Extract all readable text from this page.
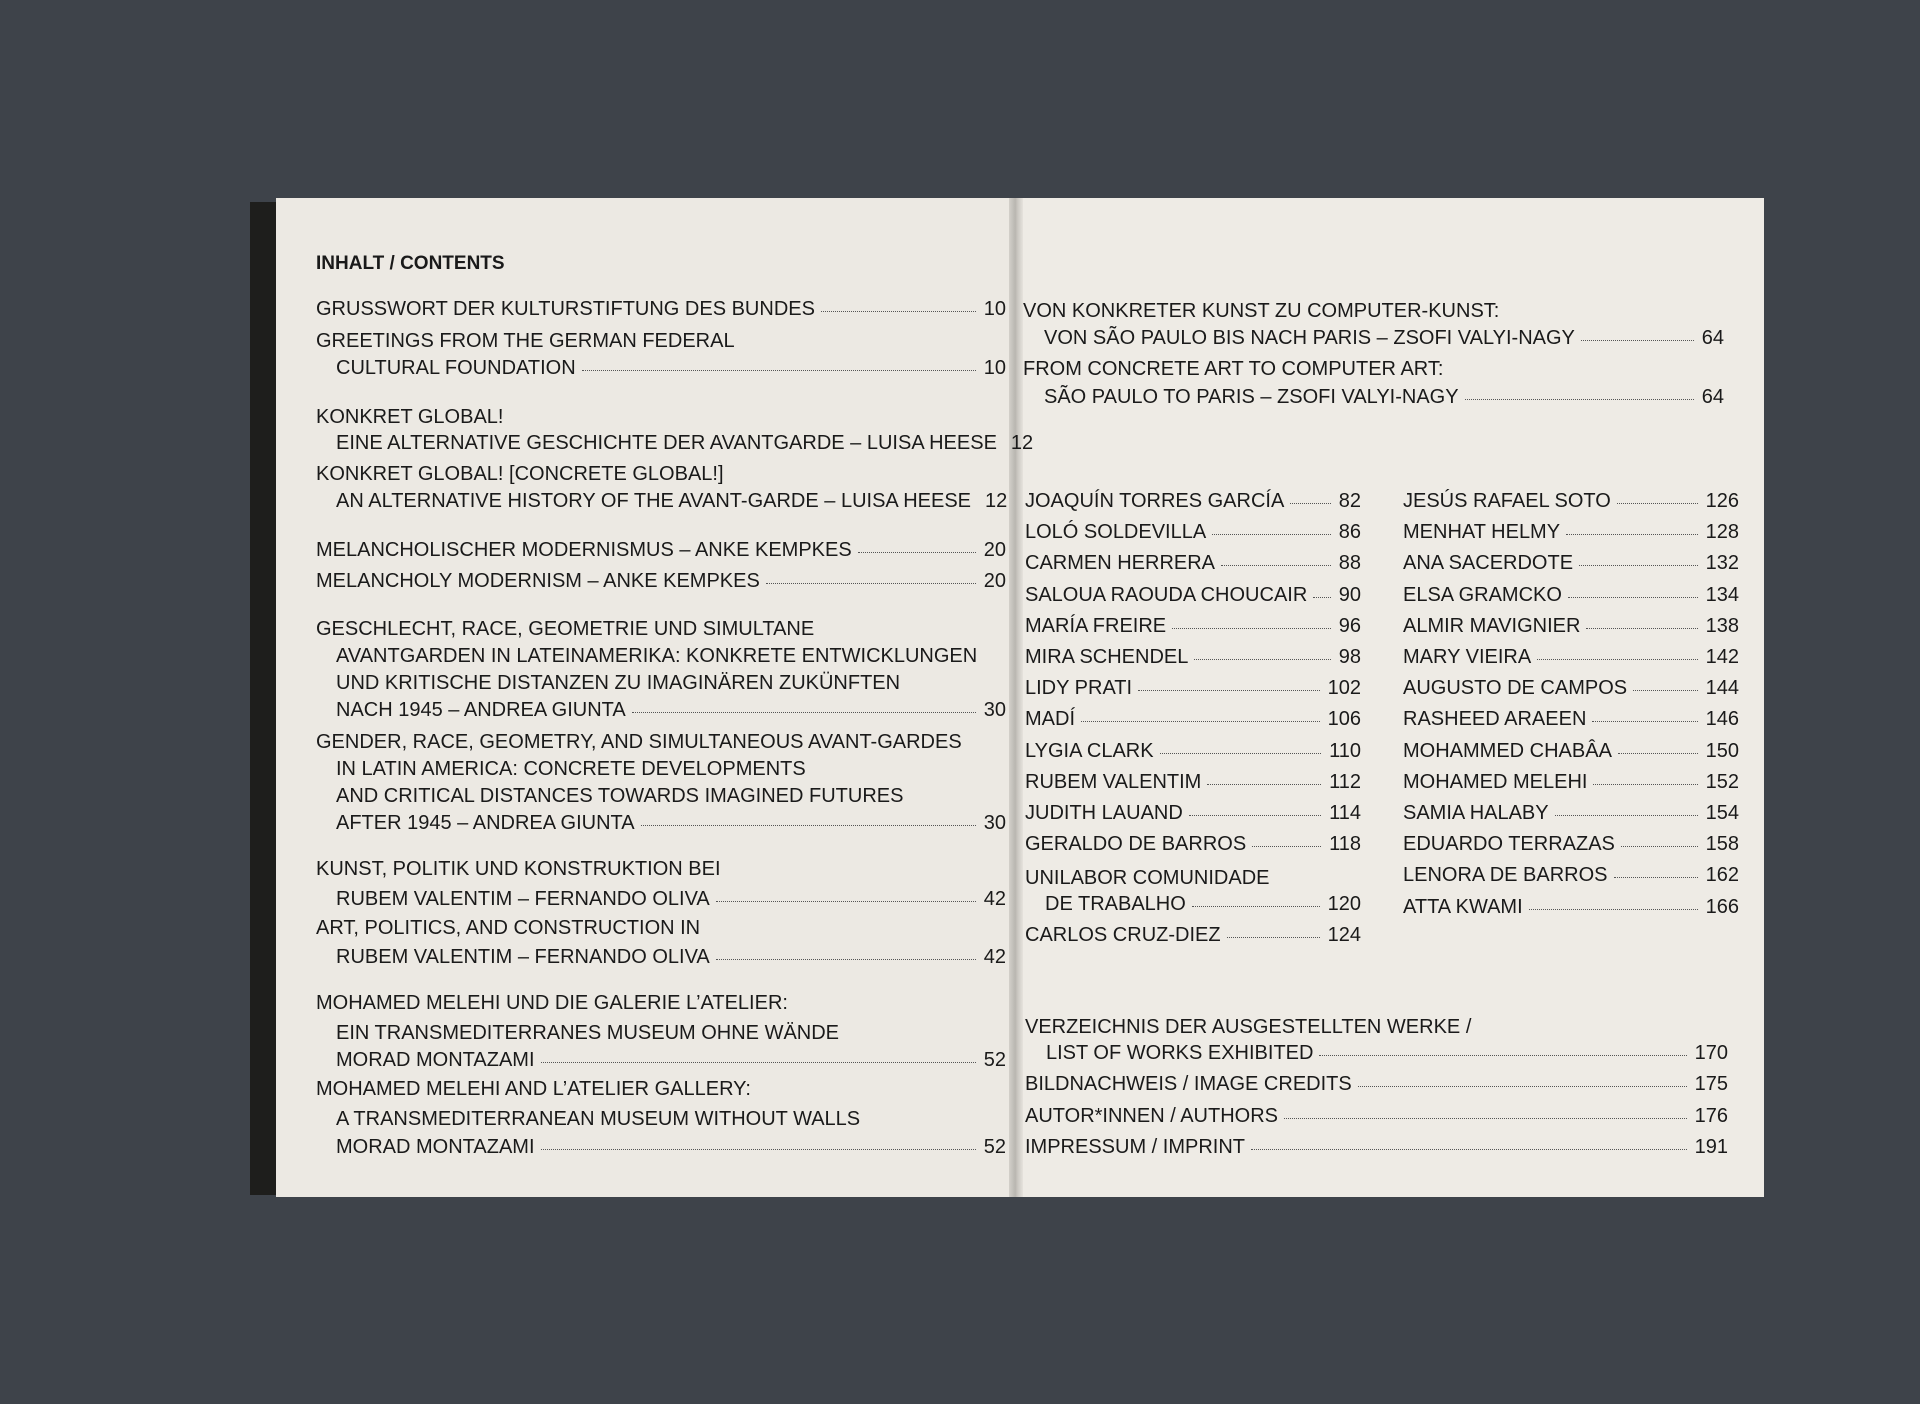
INHALT / CONTENTS
GRUSSWORT DER KULTURSTIFTUNG DES BUNDES	10
GREETINGS FROM THE GERMAN FEDERAL
CULTURAL FOUNDATION	10
KONKRET GLOBAL!
EINE ALTERNATIVE GESCHICHTE DER AVANTGARDE – LUISA HEESE 12
KONKRET GLOBAL! [CONCRETE GLOBAL!]
AN ALTERNATIVE HISTORY OF THE AVANT-GARDE – LUISA HEESE 12
MELANCHOLISCHER MODERNISMUS – ANKE KEMPKES	20
MELANCHOLY MODERNISM – ANKE KEMPKES	20
GESCHLECHT, RACE, GEOMETRIE UND SIMULTANE
AVANTGARDEN IN LATEINAMERIKA: KONKRETE ENTWICKLUNGEN
UND KRITISCHE DISTANZEN ZU IMAGINÄREN ZUKÜNFTEN
NACH 1945 – ANDREA GIUNTA	30
GENDER, RACE, GEOMETRY, AND SIMULTANEOUS AVANT-GARDES
IN LATIN AMERICA: CONCRETE DEVELOPMENTS
AND CRITICAL DISTANCES TOWARDS IMAGINED FUTURES
AFTER 1945 – ANDREA GIUNTA	30
KUNST, POLITIK UND KONSTRUKTION BEI
RUBEM VALENTIM – FERNANDO OLIVA	42
ART, POLITICS, AND CONSTRUCTION IN
RUBEM VALENTIM – FERNANDO OLIVA	42
MOHAMED MELEHI UND DIE GALERIE L’ATELIER:
EIN TRANSMEDITERRANES MUSEUM OHNE WÄNDE
MORAD MONTAZAMI	52
MOHAMED MELEHI AND L’ATELIER GALLERY:
A TRANSMEDITERRANEAN MUSEUM WITHOUT WALLS
MORAD MONTAZAMI	52
VON KONKRETER KUNST ZU COMPUTER-KUNST:
VON SÃO PAULO BIS NACH PARIS – ZSOFI VALYI-NAGY	64
FROM CONCRETE ART TO COMPUTER ART:
SÃO PAULO TO PARIS – ZSOFI VALYI-NAGY	64
JOAQUÍN TORRES GARCÍA	82
LOLÓ SOLDEVILLA	86
CARMEN HERRERA	88
SALOUA RAOUDA CHOUCAIR 90
MARÍA FREIRE	96
MIRA SCHENDEL	98
LIDY PRATI	102
MADÍ	106
LYGIA CLARK	110
RUBEM VALENTIM	112
JUDITH LAUAND	114
GERALDO DE BARROS	118
UNILABOR COMUNIDADE
DE TRABALHO	120
CARLOS CRUZ-DIEZ	124
JESÚS RAFAEL SOTO	126
MENHAT HELMY	128
ANA SACERDOTE	132
ELSA GRAMCKO	134
ALMIR MAVIGNIER	138
MARY VIEIRA	142
AUGUSTO DE CAMPOS	144
RASHEED ARAEEN	146
MOHAMMED CHABÂA	150
MOHAMED MELEHI	152
SAMIA HALABY	154
EDUARDO TERRAZAS	158
LENORA DE BARROS	162
ATTA KWAMI	166
VERZEICHNIS DER AUSGESTELLTEN WERKE /
LIST OF WORKS EXHIBITED	170
BILDNACHWEIS / IMAGE CREDITS	175
AUTOR*INNEN / AUTHORS	176
IMPRESSUM / IMPRINT	191
